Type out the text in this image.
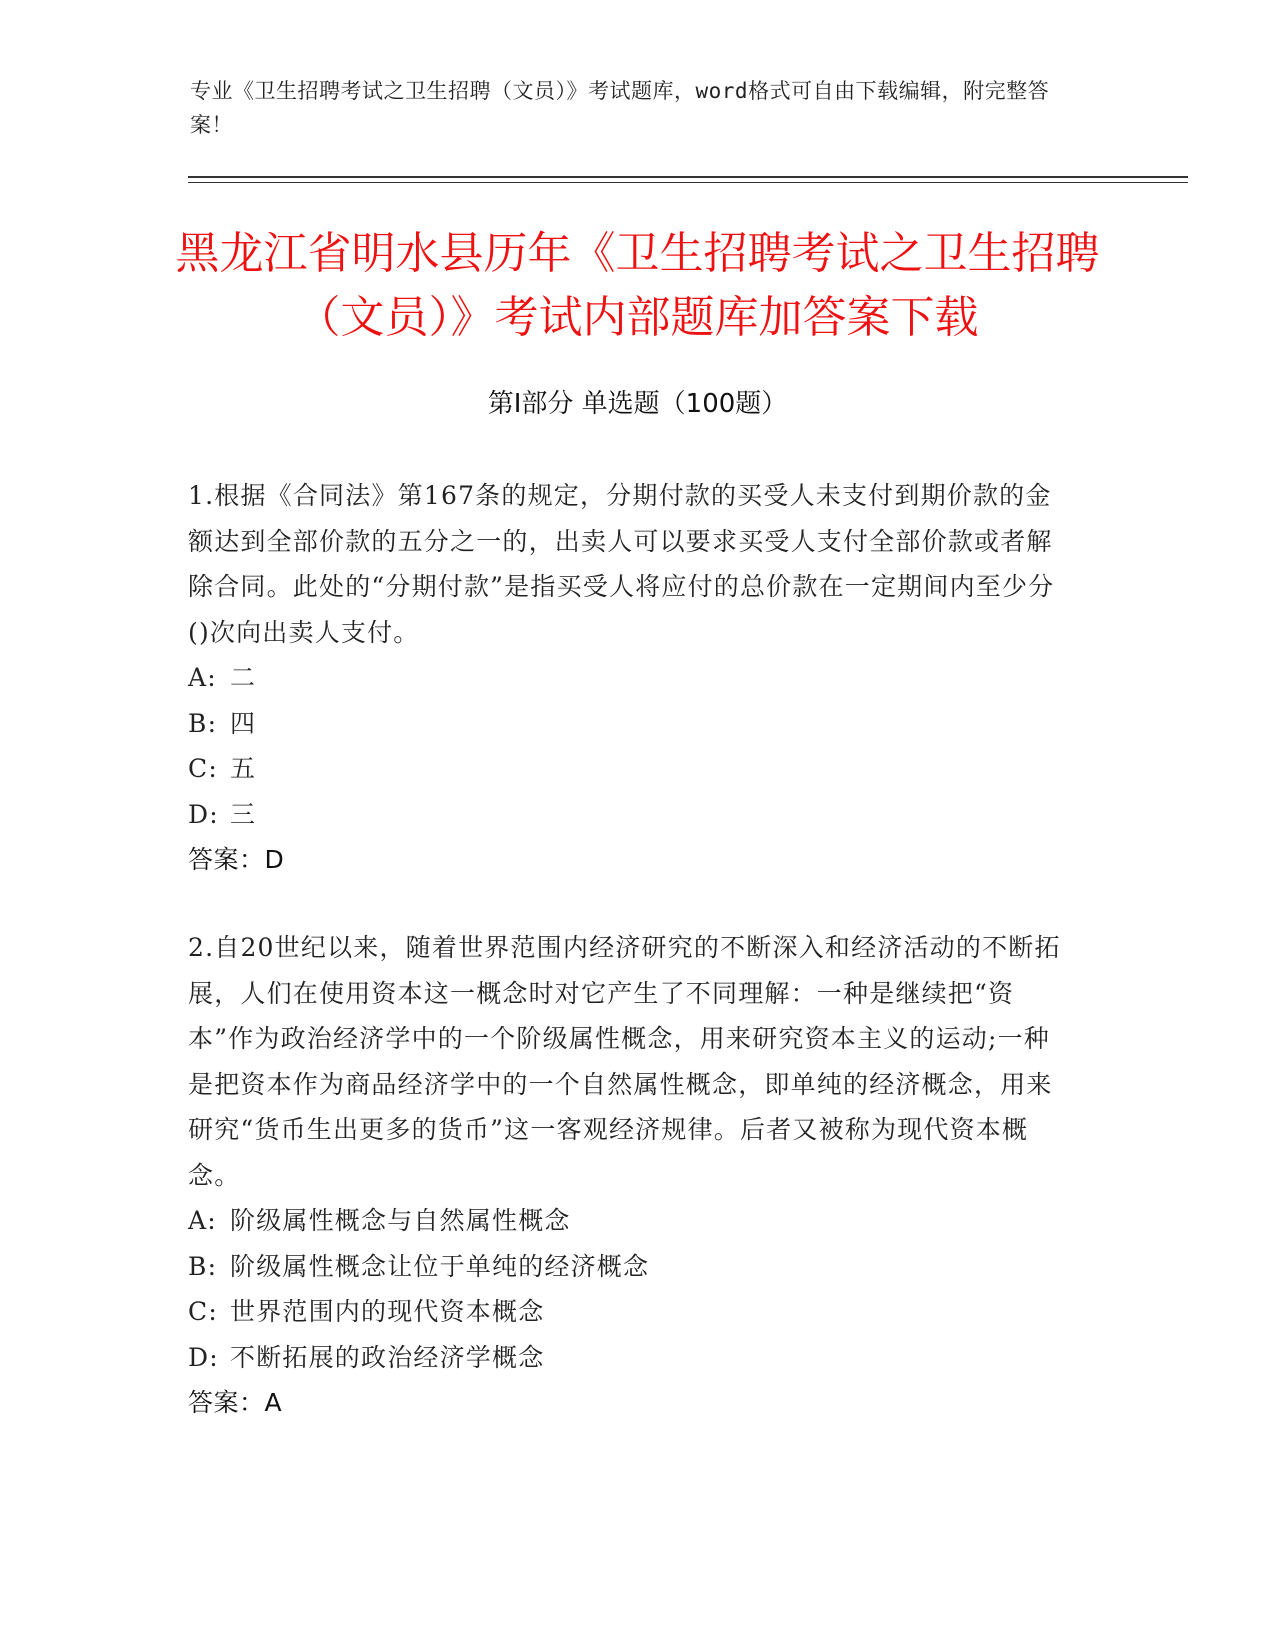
专业《卫生招聘考试之卫生招聘（文员）》考试题库，word格式可自由下载编辑，附完整答案！
黑龙江省明水县历年《卫生招聘考试之卫生招聘（文员）》考试内部题库加答案下载
第Ⅰ部分 单选题（100题）

1.根据《合同法》第167条的规定，分期付款的买受人未支付到期价款的金额达到全部价款的五分之一的，出卖人可以要求买受人支付全部价款或者解除合同。此处的“分期付款”是指买受人将应付的总价款在一定期间内至少分()次向出卖人支付。

A: 二

B: 四

C: 五

D: 三

答案：D

2.自20世纪以来，随着世界范围内经济研究的不断深入和经济活动的不断拓展，人们在使用资本这一概念时对它产生了不同理解：一种是继续把“资本”作为政治经济学中的一个阶级属性概念，用来研究资本主义的运动;一种是把资本作为商品经济学中的一个自然属性概念，即单纯的经济概念，用来研究“货币生出更多的货币”这一客观经济规律。后者又被称为现代资本概念。

A: 阶级属性概念与自然属性概念

B: 阶级属性概念让位于单纯的经济概念

C: 世界范围内的现代资本概念

D: 不断拓展的政治经济学概念

答案：A
